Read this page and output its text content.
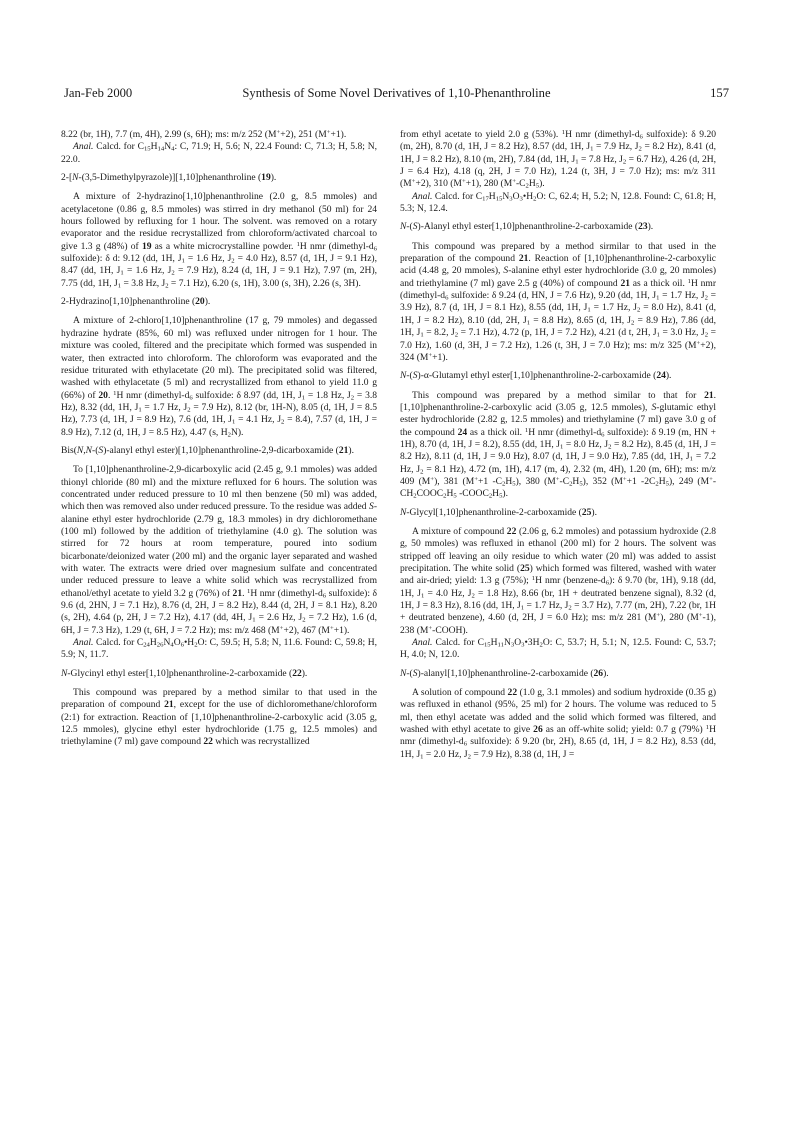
Jan-Feb 2000	Synthesis of Some Novel Derivatives of 1,10-Phenanthroline	157

8.22 (br, 1H), 7.7 (m, 4H), 2.99 (s, 6H); ms: m/z 252 (M++2), 251 (M++1).

Anal. Calcd. for $C_{15}H_{14}N_4$: C, 71.9; H, 5.6; N, 22.4 Found: C, 71.3; H, 5.8; N, 22.0.

2-[N-(3,5-Dimethylpyrazole)][1,10]phenanthroline (19).

A mixture of 2-hydrazino[1,10]phenanthroline (2.0 g, 8.5 mmoles) and acetylacetone (0.86 g, 8.5 mmoles) was stirred in dry methanol (50 ml) for 24 hours followed by refluxing for 1 hour. The solvent. was removed on a rotary evaporator and the residue recrystallized from chloroform/activated charcoal to give 1.3 g (48%) of 19 as a white microcrystalline powder. $^1$H nmr ($dimethyl-d_6$ sulfoxide): δ d: 9.12 (dd, 1H, $J_1 = 1.6$ Hz, $J_2 = 4.0$ Hz), 8.57 (d, 1H, J = 9.1 Hz), 8.47 (dd, 1H, $J_1 = 1.6$ Hz, $J_2 = 7.9$ Hz), 8.24 (d, 1H, J = 9.1 Hz), 7.97 (m, 2H), 7.75 (dd, 1H, $J_1 = 3.8$ Hz, $J_2 = 7.1$ Hz), 6.20 (s, 1H), 3.00 (s, 3H), 2.26 (s, 3H).

2-Hydrazino[1,10]phenanthroline (20).

A mixture of 2-chloro[1,10]phenanthroline (17 g, 79 mmoles) and degassed hydrazine hydrate (85%, 60 ml) was refluxed under nitrogen for 1 hour. The mixture was cooled, filtered and the precipitate which formed was suspended in water, then extracted into chloroform. The chloroform was evaporated and the residue triturated with ethylacetate (20 ml). The precipitated solid was filtered, washed with ethylacetate (5 ml) and recrystallized from ethanol to yield 11.0 g (66%) of 20. $^1$H nmr ($dimethyl-d_6$ sulfoxide: δ 8.97 (dd, 1H, $J_1 = 1.8$ Hz, $J_2 = 3.8$ Hz), 8.32 (dd, 1H, $J_1 = 1.7$ Hz, $J_2 = 7.9$ Hz), 8.12 (br, 1H-N), 8.05 (d, 1H, J = 8.5 Hz), 7.73 (d, 1H, J = 8.9 Hz), 7.6 (dd, 1H, $J_1 = 4.1$ Hz, $J_2 = 8.4$), 7.57 (d, 1H, J = 8.9 Hz), 7.12 (d, 1H, J = 8.5 Hz), 4.47 (s, $H_2N$).

Bis(N,N-(S)-alanyl ethyl ester)[1,10]phenanthroline-2,9-dicarboxamide (21).

To [1,10]phenanthroline-2,9-dicarboxylic acid (2.45 g, 9.1 mmoles) was added thionyl chloride (80 ml) and the mixture refluxed for 6 hours. The solution was concentrated under reduced pressure to 10 ml then benzene (50 ml) was added, which then was removed also under reduced pressure. To the residue was added S-alanine ethyl ester hydrochloride (2.79 g, 18.3 mmoles) in dry dichloromethane (100 ml) followed by the addition of triethylamine (4.0 g). The solution was stirred for 72 hours at room temperature, poured into sodium bicarbonate/deionized water (200 ml) and the organic layer separated and washed with water. The extracts were dried over magnesium sulfate and concentrated under reduced pressure to leave a white solid which was recrystallized from ethanol/ethyl acetate to yield 3.2 g (76%) of 21. $^1$H nmr ($dimethyl-d_6$ sulfoxide): δ 9.6 (d, 2HN, J = 7.1 Hz), 8.76 (d, 2H, J = 8.2 Hz), 8.44 (d, 2H, J = 8.1 Hz), 8.20 (s, 2H), 4.64 (p, 2H, J = 7.2 Hz), 4.17 (dd, 4H, $J_1 = 2.6$ Hz, $J_2 = 7.2$ Hz), 1.6 (d, 6H, J = 7.3 Hz), 1.29 (t, 6H, J = 7.2 Hz); ms: m/z 468 (M++2), 467 (M++1).

Anal. Calcd. for $C_{24}H_{26}N_4O_6•H_2O$: C, 59.5; H, 5.8; N, 11.6. Found: C, 59.8; H, 5.9; N, 11.7.

N-Glycinyl ethyl ester[1,10]phenanthroline-2-carboxamide (22).

This compound was prepared by a method similar to that used in the preparation of compound 21, except for the use of dichloromethane/chloroform (2:1) for extraction. Reaction of [1,10]phenanthroline-2-carboxylic acid (3.05 g, 12.5 mmoles), glycine ethyl ester hydrochloride (1.75 g, 12.5 mmoles) and triethylamine (7 ml) gave compound 22 which was recrystallized

from ethyl acetate to yield 2.0 g (53%). $^1$H nmr ($dimethyl-d_6$ sulfoxide): δ 9.20 (m, 2H), 8.70 (d, 1H, J = 8.2 Hz), 8.57 (dd, 1H, $J_1 = 7.9$ Hz, $J_2 = 8.2$ Hz), 8.41 (d, 1H, J = 8.2 Hz), 8.10 (m, 2H), 7.84 (dd, 1H, $J_1 = 7.8$ Hz, $J_2 = 6.7$ Hz), 4.26 (d, 2H, J = 6.4 Hz), 4.18 (q, 2H, J = 7.0 Hz), 1.24 (t, 3H, J = 7.0 Hz); ms: m/z 311 (M++2), 310 (M++1), 280 $(M^+-C_2H_5)$.

Anal. Calcd. for $C_{17}H_{15}N_3O_3•H_2O$: C, 62.4; H, 5.2; N, 12.8. Found: C, 61.8; H, 5.3; N, 12.4.

N-(S)-Alanyl ethyl ester[1,10]phenanthroline-2-carboxamide (23).

This compound was prepared by a method sirmilar to that used in the preparation of the compound 21. Reaction of [1,10]phenanthroline-2-carboxylic acid (4.48 g, 20 mmoles), S-alanine ethyl ester hydrochloride (3.0 g, 20 mmoles) and triethylamine (7 ml) gave 2.5 g (40%) of compound 21 as a thick oil. $^1$H nmr ($dimethyl-d_6$ sulfoxide: δ 9.24 (d, HN, J = 7.6 Hz), 9.20 (dd, 1H, $J_1 = 1.7$ Hz, $J_2 = 3.9$ Hz), 8.7 (d, 1H, J = 8.1 Hz), 8.55 (dd, 1H, $J_1 = 1.7$ Hz, $J_2 = 8.0$ Hz), 8.41 (d, 1H, J = 8.2 Hz), 8.10 (dd, 2H, $J_1 = 8.8$ Hz), 8.65 (d, 1H, $J_2 = 8.9$ Hz), 7.86 (dd, 1H, $J_1 = 8.2$, $J_2 = 7.1$ Hz), 4.72 (p, 1H, J = 7.2 Hz), 4.21 (d t, 2H, $J_1 = 3.0$ Hz, $J_2 = 7.0$ Hz), 1.60 (d, 3H, J = 7.2 Hz), 1.26 (t, 3H, J = 7.0 Hz); ms: m/z 325 (M++2), 324 (M++1).

N-(S)-α-Glutamyl ethyl ester[1,10]phenanthroline-2-carboxamide (24).

This compound was prepared by a method similar to that for 21. [1,10]phenanthroline-2-carboxylic acid (3.05 g, 12.5 mmoles), S-glutamic ethyl ester hydrochloride (2.82 g, 12.5 mmoles) and triethylamine (7 ml) gave 3.0 g of the compound 24 as a thick oil. $^1$H nmr ($dimethyl-d_6$ sulfoxide): δ 9.19 (m, HN + 1H), 8.70 (d, 1H, J = 8.2), 8.55 (dd, 1H, $J_1 = 8.0$ Hz, $J_2 = 8.2$ Hz), 8.45 (d, 1H, J = 8.2 Hz), 8.11 (d, 1H, J = 9.0 Hz), 8.07 (d, 1H, J = 9.0 Hz), 7.85 (dd, 1H, $J_1 = 7.2$ Hz, $J_2 = 8.1$ Hz), 4.72 (m, 1H), 4.17 (m, 4), 2.32 (m, 4H), 1.20 (m, 6H); ms: m/z 409 (M+), 381 (M++1 $-C_2H_5$), 380 $(M^+-C_2H_5)$, 352 (M++1 $-2C_2H_5$), 249 ($M^+-CH_2COOC_2H_5$ $-COOC_2H_5$).

N-Glycyl[1,10]phenanthroline-2-carboxamide (25).

A mixture of compound 22 (2.06 g, 6.2 mmoles) and potassium hydroxide (2.8 g, 50 mmoles) was refluxed in ethanol (200 ml) for 2 hours. The solvent was stripped off leaving an oily residue to which water (20 ml) was added to assist precipitation. The white solid (25) which formed was filtered, washed with water and air-dried; yield: 1.3 g (75%); $^1$H nmr $(benzene-d_6)$: δ 9.70 (br, 1H), 9.18 (dd, 1H, $J_1 = 4.0$ Hz, $J_2 = 1.8$ Hz), 8.66 (br, 1H + deutrated benzene signal), 8.32 (d, 1H, J = 8.3 Hz), 8.16 (dd, 1H, $J_1 = 1.7$ Hz, $J_2 = 3.7$ Hz), 7.77 (m, 2H), 7.22 (br, 1H + deutrated benzene), 4.60 (d, 2H, J = 6.0 Hz); ms: m/z 281 (M+), 280 (M+-1), 238 (M+-COOH).

Anal. Calcd. for $C_{15}H_{11}N_3O_3•3H_2O$: C, 53.7; H, 5.1; N, 12.5. Found: C, 53.7; H, 4.0; N, 12.0.

N-(S)-alanyl[1,10]phenanthroline-2-carboxamide (26).

A solution of compound 22 (1.0 g, 3.1 mmoles) and sodium hydroxide (0.35 g) was refluxed in ethanol (95%, 25 ml) for 2 hours. The volume was reduced to 5 ml, then ethyl acetate was added and the solid which formed was filtered, and washed with ethyl acetate to give 26 as an off-white solid; yield: 0.7 g (79%) $^1$H nmr ($dimethyl-d_6$ sulfoxide): δ 9.20 (br, 2H), 8.65 (d, 1H, J = 8.2 Hz), 8.53 (dd, 1H, $J_1 = 2.0$ Hz, $J_2 = 7.9$ Hz), 8.38 (d, 1H, J =
